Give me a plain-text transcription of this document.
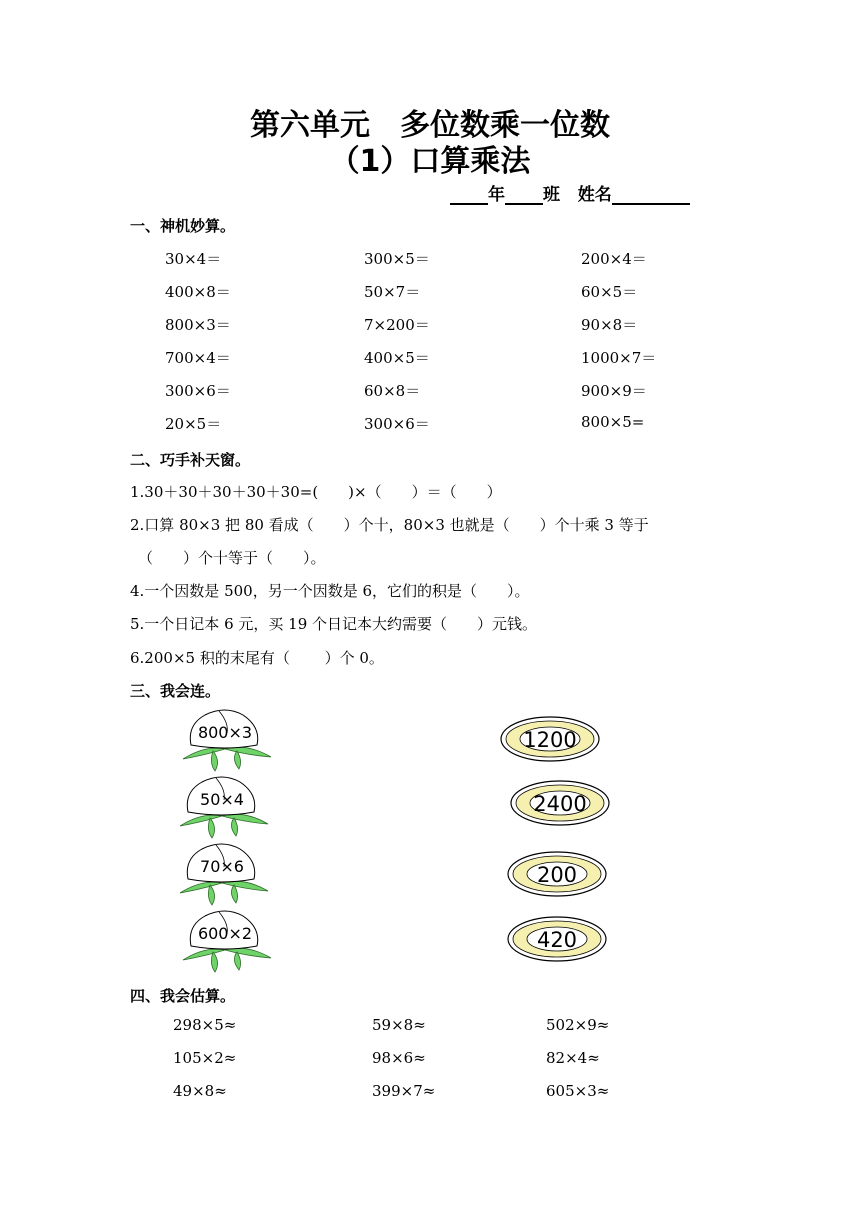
第六单元　多位数乘一位数
（1）口算乘法
年 班 姓名
一、神机妙算。
30×4＝	300×5＝	200×4＝
400×8＝	50×7＝	60×5＝
800×3＝	7×200＝	90×8＝
700×4＝	400×5＝	1000×7＝
300×6＝	60×8＝	900×9＝
20×5＝	300×6＝	800×5=
二、巧手补天窗。
1.30＋30＋30＋30＋30=(　　)×（　　）＝（　　）
2.口算 80×3 把 80 看成（　　）个十，80×3 也就是（　　）个十乘 3 等于
（　　）个十等于（　　）。
4.一个因数是 500，另一个因数是 6，它们的积是（　　）。
5.一个日记本 6 元，买 19 个日记本大约需要（　　）元钱。
6.200×5 积的末尾有（　　 ）个 0。
三、我会连。
800×3
50×4
70×6
600×2
1200
2400
200
420
四、我会估算。
298×5≈	59×8≈	502×9≈
105×2≈	98×6≈	82×4≈
49×8≈	399×7≈	605×3≈
